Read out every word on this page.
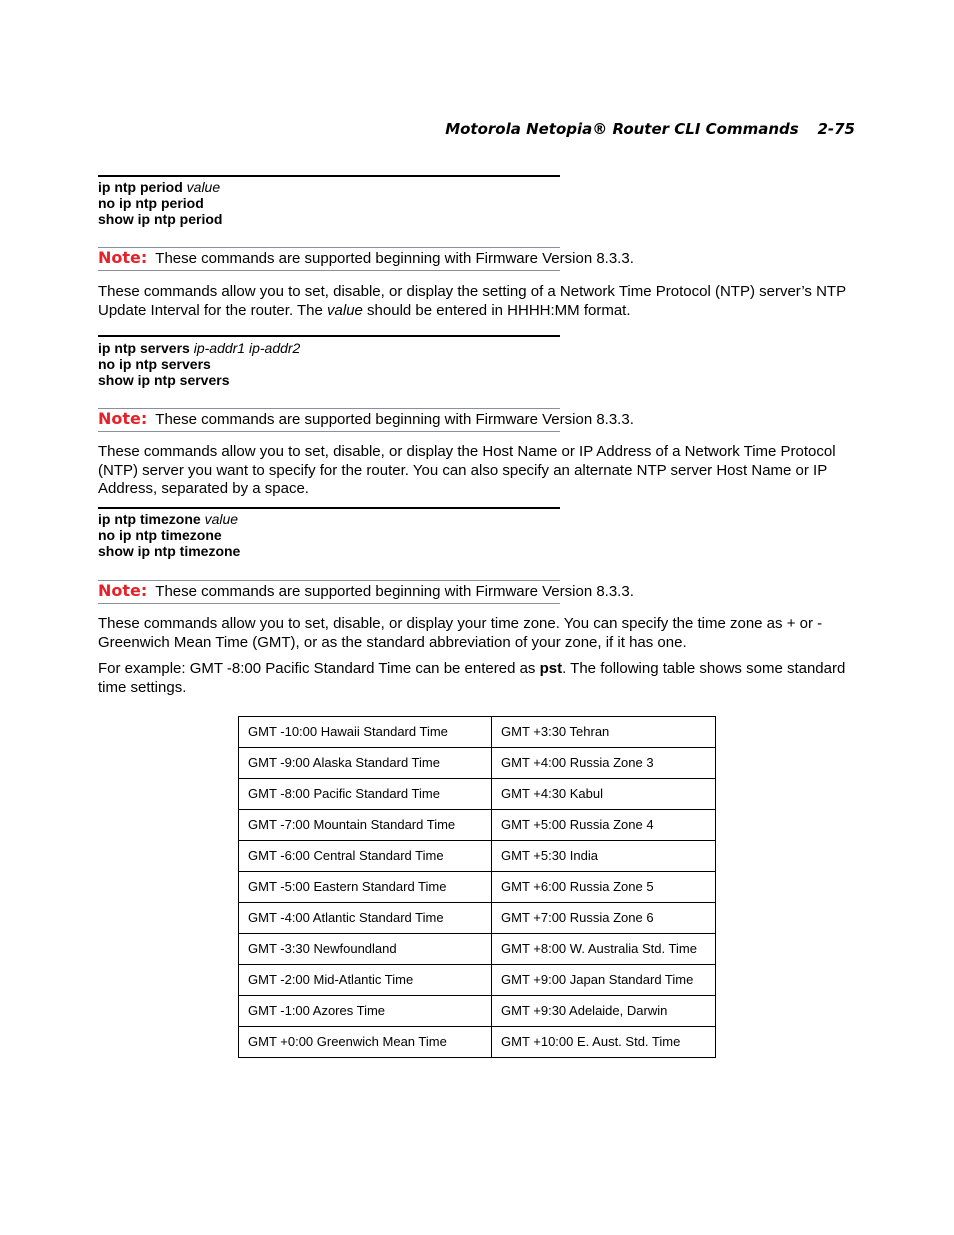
Motorola Netopia® Router CLI Commands 2-75
ip ntp period value
no ip ntp period
show ip ntp period
Note: These commands are supported beginning with Firmware Version 8.3.3.
These commands allow you to set, disable, or display the setting of a Network Time Protocol (NTP) server’s NTP Update Interval for the router. The value should be entered in HHHH:MM format.
ip ntp servers ip-addr1 ip-addr2
no ip ntp servers
show ip ntp servers
Note: These commands are supported beginning with Firmware Version 8.3.3.
These commands allow you to set, disable, or display the Host Name or IP Address of a Network Time Protocol (NTP) server you want to specify for the router. You can also specify an alternate NTP server Host Name or IP Address, separated by a space.
ip ntp timezone value
no ip ntp timezone
show ip ntp timezone
Note: These commands are supported beginning with Firmware Version 8.3.3.
These commands allow you to set, disable, or display your time zone. You can specify the time zone as + or - Greenwich Mean Time (GMT), or as the standard abbreviation of your zone, if it has one.
For example: GMT -8:00 Pacific Standard Time can be entered as pst. The following table shows some standard time settings.
GMT -10:00 Hawaii Standard Time	GMT +3:30 Tehran
GMT -9:00 Alaska Standard Time	GMT +4:00 Russia Zone 3
GMT -8:00 Pacific Standard Time	GMT +4:30 Kabul
GMT -7:00 Mountain Standard Time	GMT +5:00 Russia Zone 4
GMT -6:00 Central Standard Time	GMT +5:30 India
GMT -5:00 Eastern Standard Time	GMT +6:00 Russia Zone 5
GMT -4:00 Atlantic Standard Time	GMT +7:00 Russia Zone 6
GMT -3:30 Newfoundland	GMT +8:00 W. Australia Std. Time
GMT -2:00 Mid-Atlantic Time	GMT +9:00 Japan Standard Time
GMT -1:00 Azores Time	GMT +9:30 Adelaide, Darwin
GMT +0:00 Greenwich Mean Time	GMT +10:00 E. Aust. Std. Time
